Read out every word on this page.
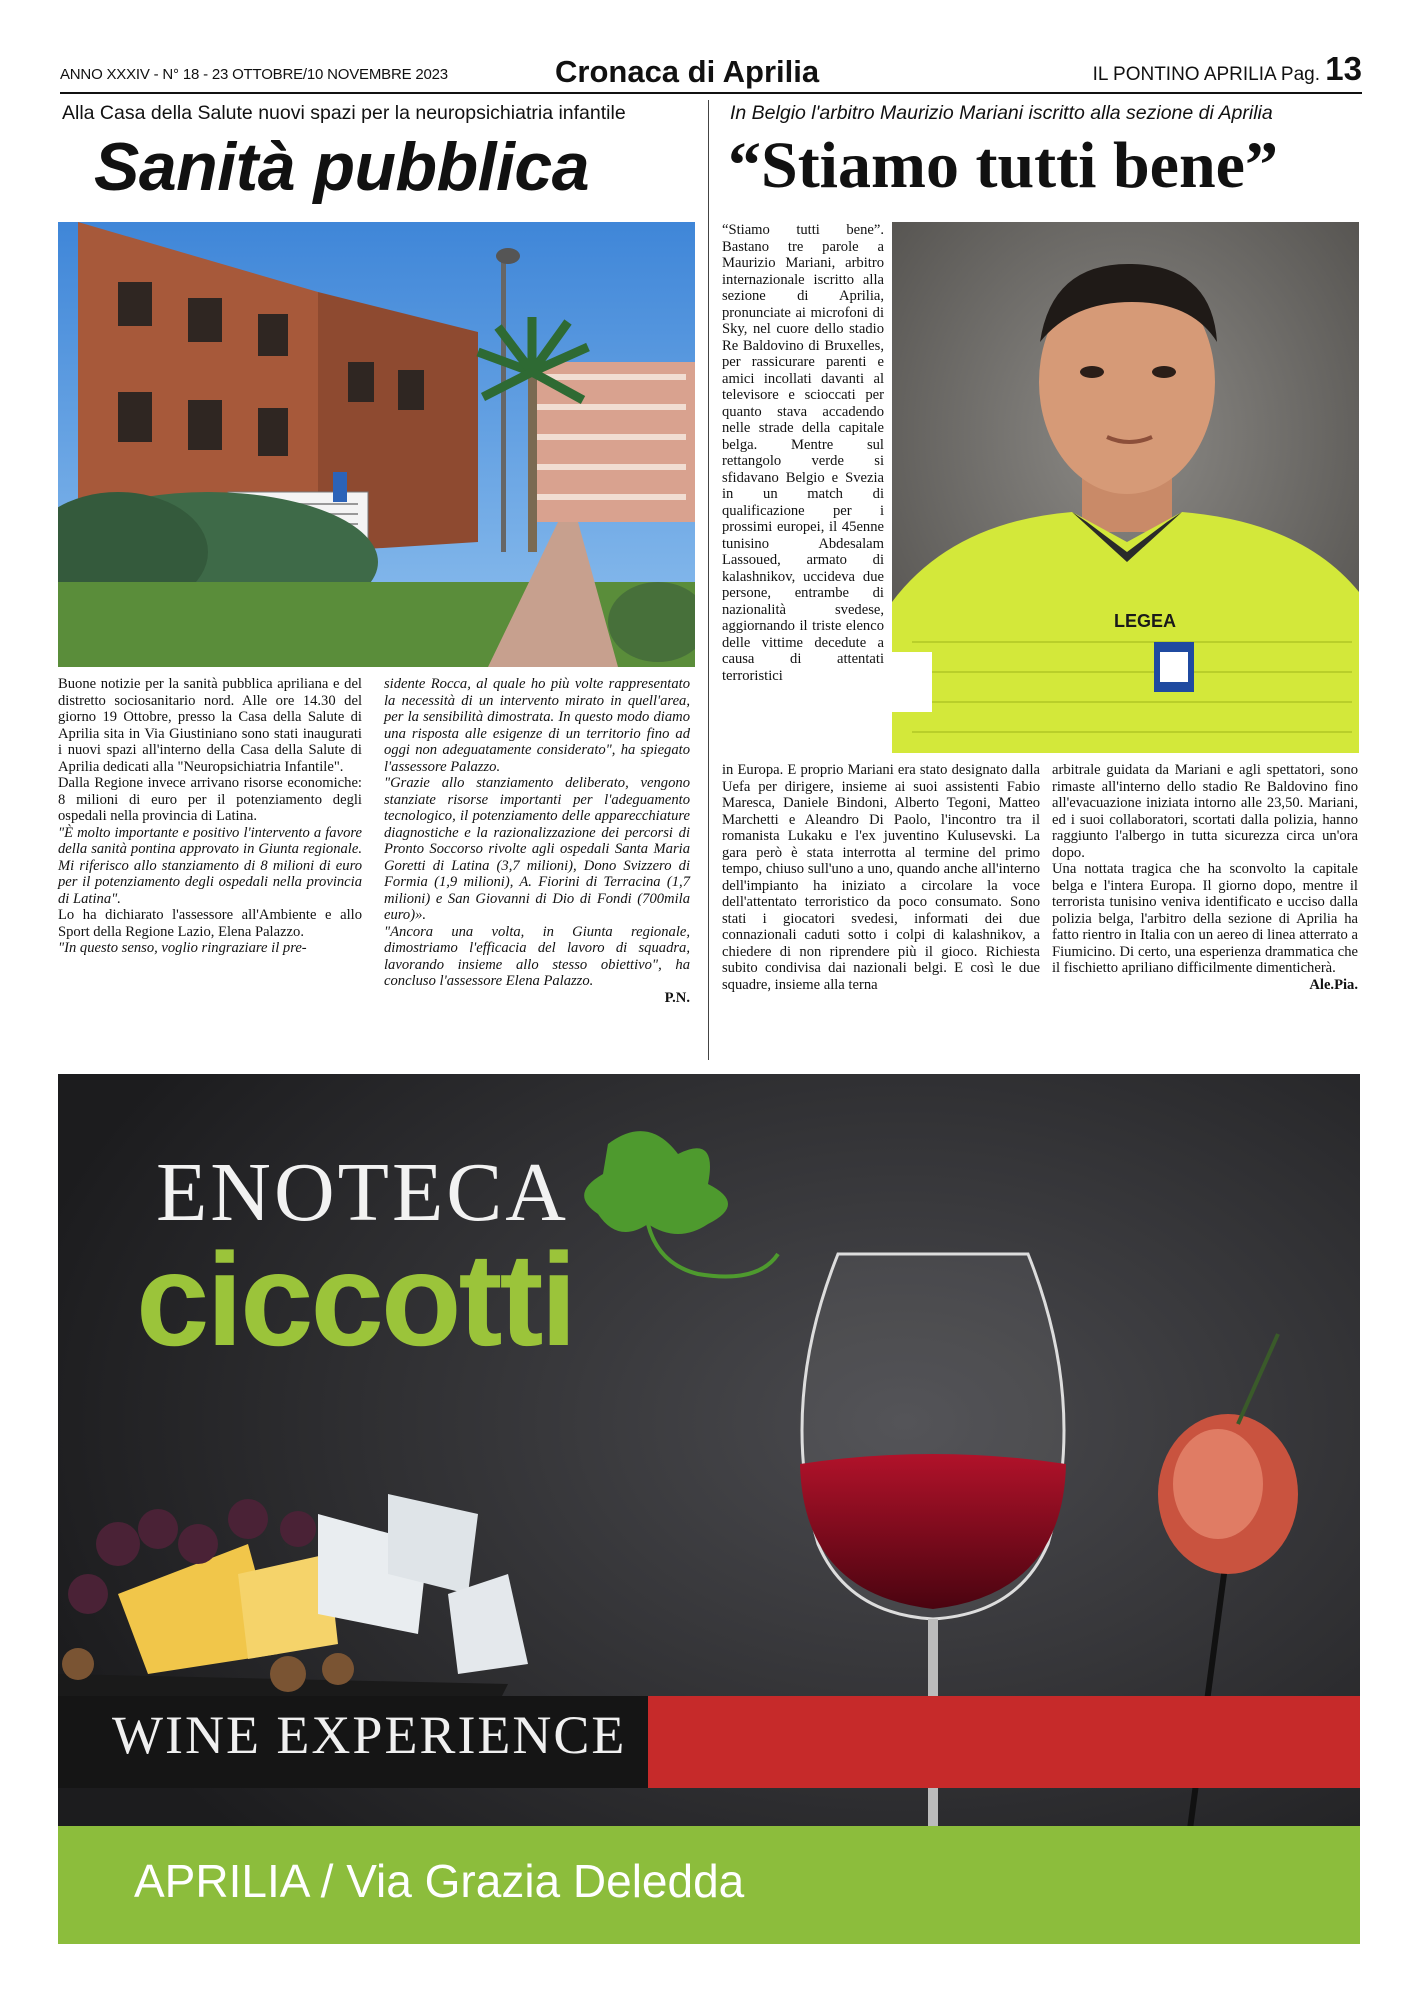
ANNO XXXIV - N° 18 - 23 OTTOBRE/10 NOVEMBRE 2023	Cronaca di Aprilia	IL PONTINO APRILIA Pag. 13
Alla Casa della Salute nuovi spazi per la neuropsichiatria infantile
Sanità pubblica

Buone notizie per la sanità pubblica apriliana e del distretto sociosanitario nord. Alle ore 14.30 del giorno 19 Ottobre, presso la Casa della Salute di Aprilia sita in Via Giustiniano sono stati inaugurati i nuovi spazi all'interno della Casa della Salute di Aprilia dedicati alla "Neuropsichiatria Infantile".

Dalla Regione invece arrivano risorse economiche: 8 milioni di euro per il potenziamento degli ospedali nella provincia di Latina.

"È molto importante e positivo l'intervento a favore della sanità pontina approvato in Giunta regionale. Mi riferisco allo stanziamento di 8 milioni di euro per il potenziamento degli ospedali nella provincia di Latina".

Lo ha dichiarato l'assessore all'Ambiente e allo Sport della Regione Lazio, Elena Palazzo.

"In questo senso, voglio ringraziare il pre-

sidente Rocca, al quale ho più volte rappresentato la necessità di un intervento mirato in quell'area, per la sensibilità dimostrata. In questo modo diamo una risposta alle esigenze di un territorio fino ad oggi non adeguatamente considerato", ha spiegato l'assessore Palazzo.

"Grazie allo stanziamento deliberato, vengono stanziate risorse importanti per l'adeguamento tecnologico, il potenziamento delle apparecchiature diagnostiche e la razionalizzazione dei percorsi di Pronto Soccorso rivolte agli ospedali Santa Maria Goretti di Latina (3,7 milioni), Dono Svizzero di Formia (1,9 milioni), A. Fiorini di Terracina (1,7 milioni) e San Giovanni di Dio di Fondi (700mila euro)».

"Ancora una volta, in Giunta regionale, dimostriamo l'efficacia del lavoro di squadra, lavorando insieme allo stesso obiettivo", ha concluso l'assessore Elena Palazzo.

P.N.

In Belgio l'arbitro Maurizio Mariani iscritto alla sezione di Aprilia
“Stiamo tutti bene”
LEGEA

“Stiamo tutti bene”. Bastano tre parole a Maurizio Mariani, arbitro internazionale iscritto alla sezione di Aprilia, pronunciate ai microfoni di Sky, nel cuore dello stadio Re Baldovino di Bruxelles, per rassicurare parenti e amici incollati davanti al televisore e scioccati per quanto stava accadendo nelle strade della capitale belga. Mentre sul rettangolo verde si sfidavano Belgio e Svezia in un match di qualificazione per i prossimi europei, il 45enne tunisino Abdesalam Lassoued, armato di kalashnikov, uccideva due persone, entrambe di nazionalità svedese, aggiornando il triste elenco delle vittime decedute a causa di attentati terroristici

in Europa. E proprio Mariani era stato designato dalla Uefa per dirigere, insieme ai suoi assistenti Fabio Maresca, Daniele Bindoni, Alberto Tegoni, Matteo Marchetti e Aleandro Di Paolo, l'incontro tra il romanista Lukaku e l'ex juventino Kulusevski. La gara però è stata interrotta al termine del primo tempo, chiuso sull'uno a uno, quando anche all'interno dell'impianto ha iniziato a circolare la voce dell'attentato terroristico da poco consumato. Sono stati i giocatori svedesi, informati dei due connazionali caduti sotto i colpi di kalashnikov, a chiedere di non riprendere più il gioco. Richiesta subito condivisa dai nazionali belgi. E così le due squadre, insieme alla terna

arbitrale guidata da Mariani e agli spettatori, sono rimaste all'interno dello stadio Re Baldovino fino all'evacuazione iniziata intorno alle 23,50. Mariani, ed i suoi collaboratori, scortati dalla polizia, hanno raggiunto l'albergo in tutta sicurezza circa un'ora dopo.

Una nottata tragica che ha sconvolto la capitale belga e l'intera Europa. Il giorno dopo, mentre il terrorista tunisino veniva identificato e ucciso dalla polizia belga, l'arbitro della sezione di Aprilia ha fatto rientro in Italia con un aereo di linea atterrato a Fiumicino. Di certo, una esperienza drammatica che il fischietto apriliano difficilmente dimenticherà.

Ale.Pia.

ENOTECA
ciccotti
WINE EXPERIENCE
APRILIA / Via Grazia Deledda
